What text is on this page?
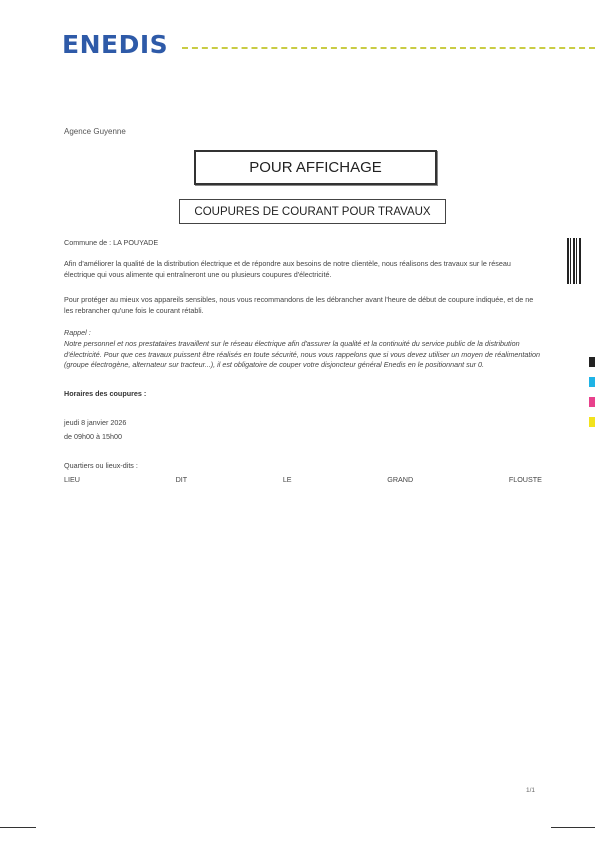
ENEDIS
Agence Guyenne
POUR AFFICHAGE
COUPURES DE COURANT POUR TRAVAUX
Commune de : LA POUYADE
Afin d'améliorer la qualité de la distribution électrique et de répondre aux besoins de notre clientèle, nous réalisons des travaux sur le réseau électrique qui vous alimente qui entraîneront une ou plusieurs coupures d'électricité.
Pour protéger au mieux vos appareils sensibles, nous vous recommandons de les débrancher avant l'heure de début de coupure indiquée, et de ne les rebrancher qu'une fois le courant rétabli.
Rappel :
Notre personnel et nos prestataires travaillent sur le réseau électrique afin d'assurer la qualité et la continuité du service public de la distribution d'électricité. Pour que ces travaux puissent être réalisés en toute sécurité, nous vous rappelons que si vous devez utiliser un moyen de réalimentation (groupe électrogène, alternateur sur tracteur...), il est obligatoire de couper votre disjoncteur général Enedis en le positionnant sur 0.
Horaires des coupures :
jeudi 8 janvier 2026
de 09h00 à 15h00
Quartiers ou lieux-dits :
LIEU	DIT	LE	GRAND	FLOUSTE
1/1
